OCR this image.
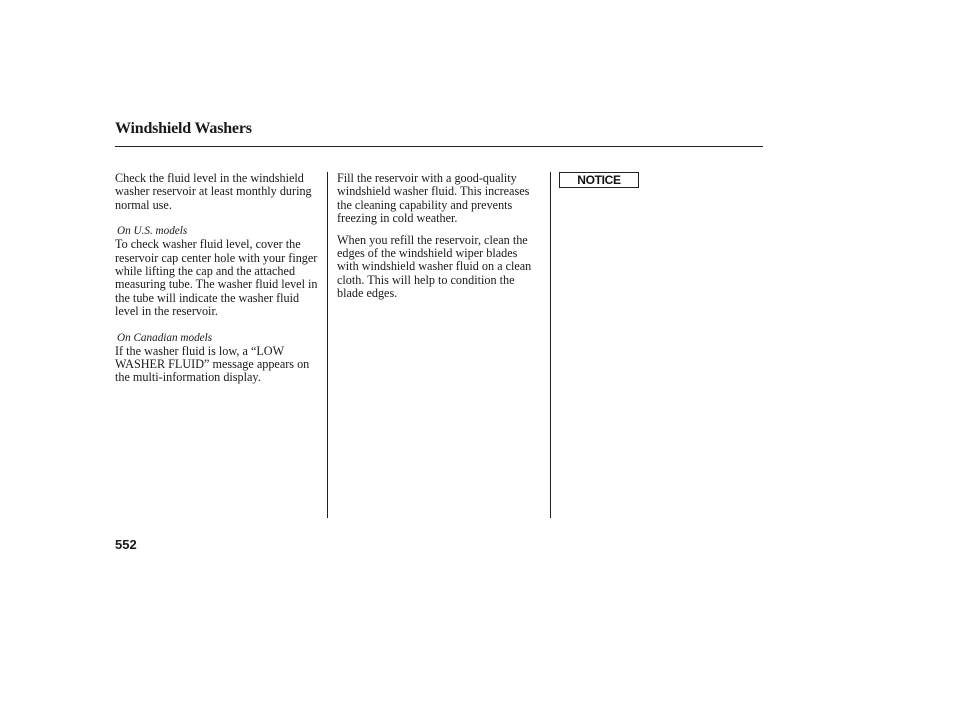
Windshield Washers

Check the fluid level in the windshield washer reservoir at least monthly during normal use.

On U.S. models

To check washer fluid level, cover the reservoir cap center hole with your finger while lifting the cap and the attached measuring tube. The washer fluid level in the tube will indicate the washer fluid level in the reservoir.

On Canadian models

If the washer fluid is low, a “LOW WASHER FLUID” message appears on the multi-information display.

Fill the reservoir with a good-quality windshield washer fluid. This increases the cleaning capability and prevents freezing in cold weather.

When you refill the reservoir, clean the edges of the windshield wiper blades with windshield washer fluid on a clean cloth. This will help to condition the blade edges.

NOTICE
552
